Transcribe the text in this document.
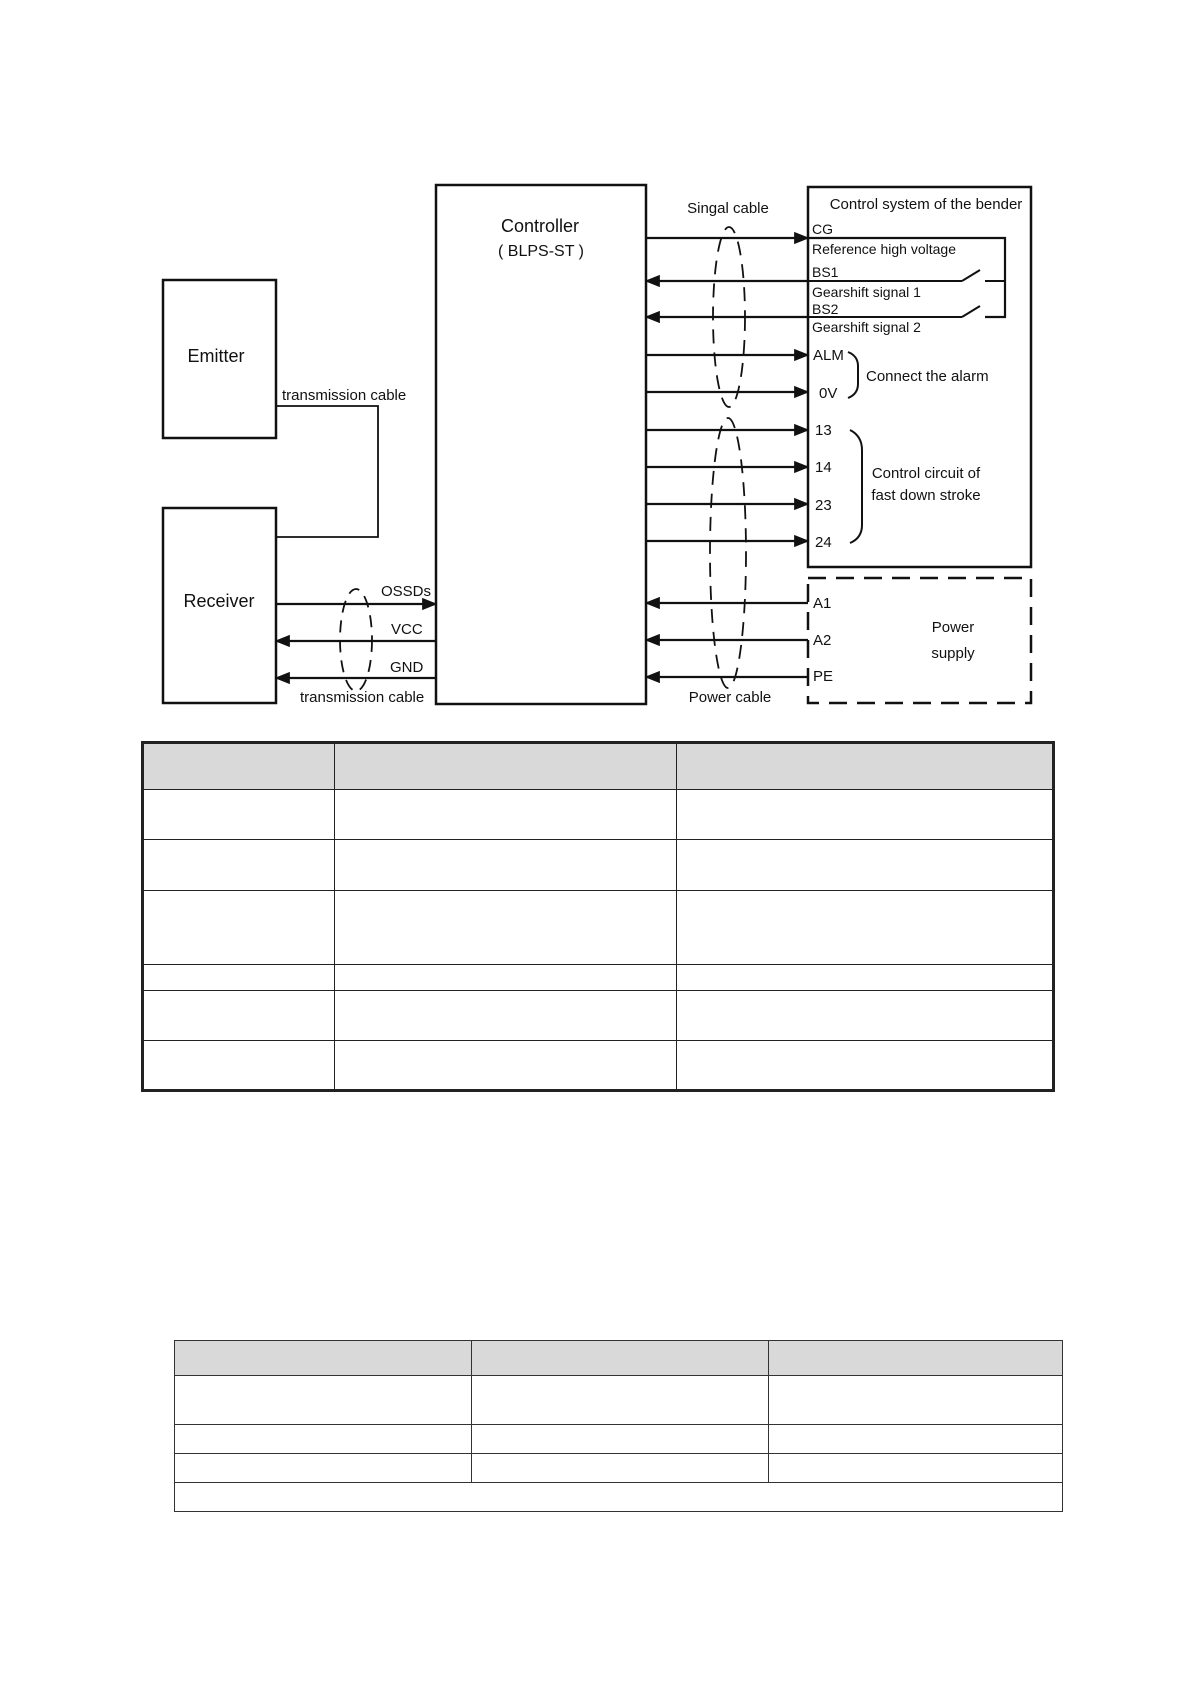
Emitter
Receiver
transmission cable
Controller
( BLPS-ST )
OSSDs
VCC
GND
transmission cable
Control system of the bender
Power
supply
CG
Reference high voltage
BS1
Gearshift signal 1
BS2
Gearshift signal 2
ALM
0V
13
14
23
24
A1
A2
PE
Connect the alarm
Control circuit of
fast down stroke
Singal cable
Power cable
